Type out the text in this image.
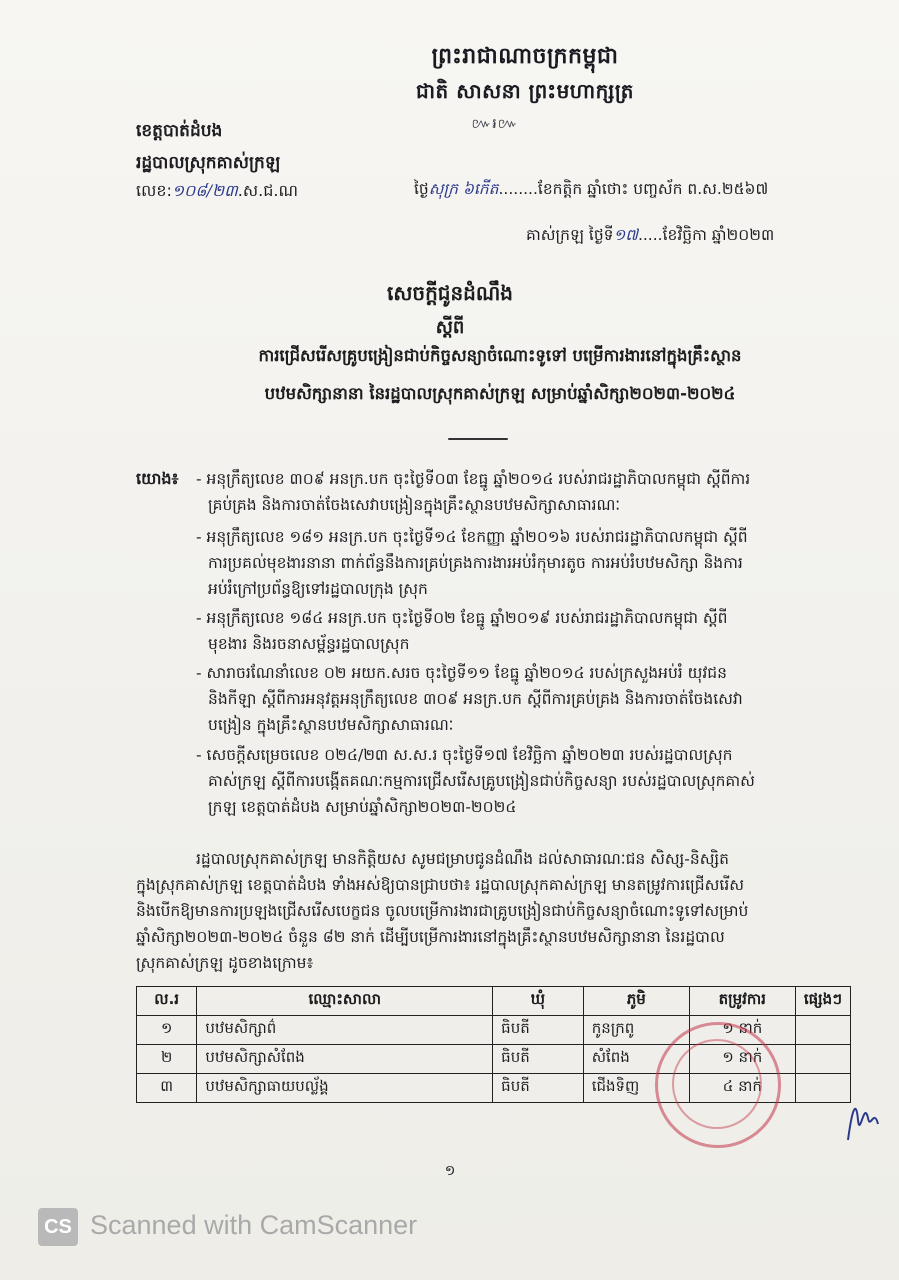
ព្រះរាជាណាចក្រកម្ពុជា
ជាតិ សាសនា ព្រះមហាក្សត្រ
៚៛៚
ខេត្តបាត់ដំបង
រដ្ឋបាលស្រុកគាស់ក្រឡ
លេខ:១០៨/២៣.ស.ជ.ណ	ថ្ងៃសុក្រ ៦កើត........ខែកត្តិក ឆ្នាំថោះ បញ្ចស័ក ព.ស.២៥៦៧
គាស់ក្រឡ ថ្ងៃទី១៧.....ខែវិច្ឆិកា ឆ្នាំ២០២៣
សេចក្ដីជូនដំណឹង
ស្ដីពី
ការជ្រើសរើសគ្រូបង្រៀនជាប់កិច្ចសន្យាចំណោះទូទៅ បម្រើការងារនៅក្នុងគ្រឹះស្ថាន
បឋមសិក្សានានា នៃរដ្ឋបាលស្រុកគាស់ក្រឡ សម្រាប់ឆ្នាំសិក្សា២០២៣-២០២៤
យោង៖ - អនុក្រឹត្យលេខ ៣០៩ អនក្រ.បក ចុះថ្ងៃទី០៣ ខែធ្នូ ឆ្នាំ២០១៤ របស់រាជរដ្ឋាភិបាលកម្ពុជា ស្ដីពីការ
គ្រប់គ្រង និងការចាត់ចែងសេវាបង្រៀនក្នុងគ្រឹះស្ថានបឋមសិក្សាសាធារណៈ
- អនុក្រឹត្យលេខ ១៨១ អនក្រ.បក ចុះថ្ងៃទី១៤ ខែកញ្ញា ឆ្នាំ២០១៦ របស់រាជរដ្ឋាភិបាលកម្ពុជា ស្ដីពី
ការប្រគល់មុខងារនានា ពាក់ព័ន្ធនឹងការគ្រប់គ្រងការងារអប់រំកុមារតូច ការអប់រំបឋមសិក្សា និងការ
អប់រំក្រៅប្រព័ន្ធឱ្យទៅរដ្ឋបាលក្រុង ស្រុក
- អនុក្រឹត្យលេខ ១៨៤ អនក្រ.បក ចុះថ្ងៃទី០២ ខែធ្នូ ឆ្នាំ២០១៩ របស់រាជរដ្ឋាភិបាលកម្ពុជា ស្ដីពី
មុខងារ និងរចនាសម្ព័ន្ធរដ្ឋបាលស្រុក
- សារាចរណែនាំលេខ ០២ អយក.សរច ចុះថ្ងៃទី១១ ខែធ្នូ ឆ្នាំ២០១៤ របស់ក្រសួងអប់រំ យុវជន
និងកីឡា ស្ដីពីការអនុវត្តអនុក្រឹត្យលេខ ៣០៩ អនក្រ.បក ស្ដីពីការគ្រប់គ្រង និងការចាត់ចែងសេវា
បង្រៀន ក្នុងគ្រឹះស្ថានបឋមសិក្សាសាធារណៈ
- សេចក្ដីសម្រេចលេខ ០២៤/២៣ ស.ស.រ ចុះថ្ងៃទី១៧ ខែវិច្ឆិកា ឆ្នាំ២០២៣ របស់រដ្ឋបាលស្រុក
គាស់ក្រឡ ស្ដីពីការបង្កើតគណៈកម្មការជ្រើសរើសគ្រូបង្រៀនជាប់កិច្ចសន្យា របស់រដ្ឋបាលស្រុកគាស់
ក្រឡ ខេត្តបាត់ដំបង សម្រាប់ឆ្នាំសិក្សា២០២៣-២០២៤
រដ្ឋបាលស្រុកគាស់ក្រឡ មានកិត្តិយស សូមជម្រាបជូនដំណឹង ដល់សាធារណៈជន សិស្ស-និស្សិត
ក្នុងស្រុកគាស់ក្រឡ ខេត្តបាត់ដំបង ទាំងអស់ឱ្យបានជ្រាបថា៖ រដ្ឋបាលស្រុកគាស់ក្រឡ មានតម្រូវការជ្រើសរើស
និងបើកឱ្យមានការប្រឡងជ្រើសរើសបេក្ខជន ចូលបម្រើការងារជាគ្រូបង្រៀនជាប់កិច្ចសន្យាចំណោះទូទៅសម្រាប់
ឆ្នាំសិក្សា២០២៣-២០២៤ ចំនួន ៨២ នាក់ ដើម្បីបម្រើការងារនៅក្នុងគ្រឹះស្ថានបឋមសិក្សានានា នៃរដ្ឋបាល
ស្រុកគាស់ក្រឡ ដូចខាងក្រោម៖
ល.រ	ឈ្មោះសាលា	ឃុំ	ភូមិ	តម្រូវការ	ផ្សេងៗ
១	បឋមសិក្សាព៌	ធិបតី	កូនក្រពូ	១ នាក់	
២	បឋមសិក្សាសំពែង	ធិបតី	សំពែង	១ នាក់	
៣	បឋមសិក្សាធាយបល្ល័ង្គ	ធិបតី	ជើងទិញ	៤ នាក់	
១
CS Scanned with CamScanner
